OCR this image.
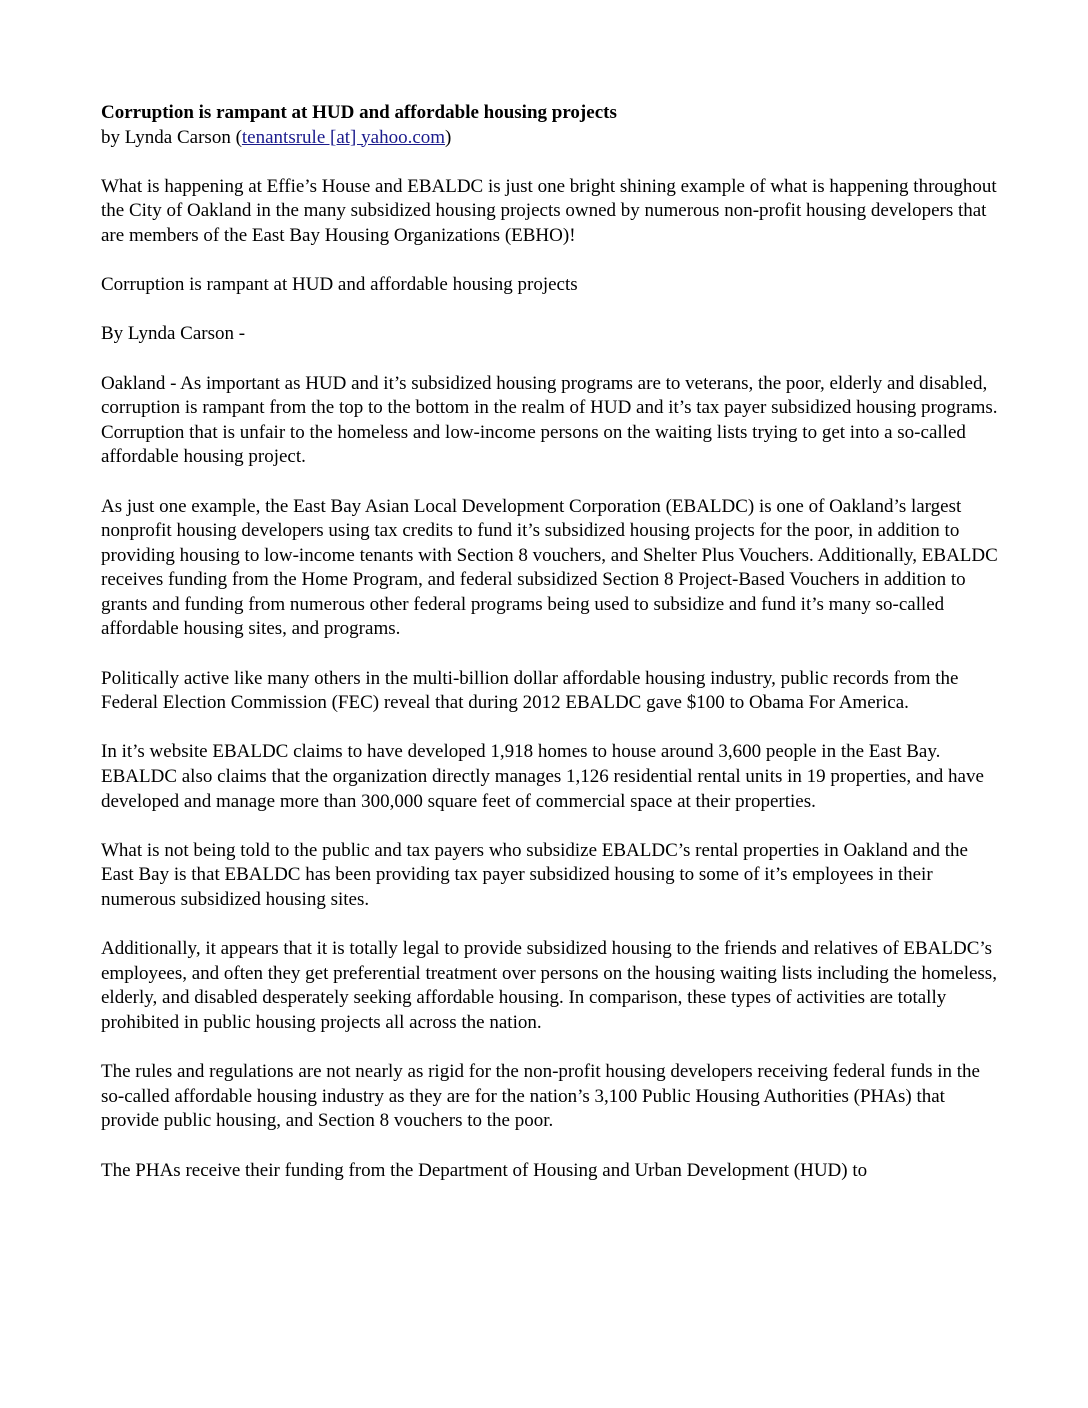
Corruption is rampant at HUD and affordable housing projects
by Lynda Carson (tenantsrule [at] yahoo.com)

What is happening at Effie’s House and EBALDC is just one bright shining example of what is happening throughout the City of Oakland in the many subsidized housing projects owned by numerous non-profit housing developers that are members of the East Bay Housing Organizations (EBHO)!

Corruption is rampant at HUD and affordable housing projects

By Lynda Carson -

Oakland - As important as HUD and it’s subsidized housing programs are to veterans, the poor, elderly and disabled, corruption is rampant from the top to the bottom in the realm of HUD and it’s tax payer subsidized housing programs. Corruption that is unfair to the homeless and low-income persons on the waiting lists trying to get into a so-called affordable housing project.

As just one example, the East Bay Asian Local Development Corporation (EBALDC) is one of Oakland’s largest nonprofit housing developers using tax credits to fund it’s subsidized housing projects for the poor, in addition to providing housing to low-income tenants with Section 8 vouchers, and Shelter Plus Vouchers. Additionally, EBALDC receives funding from the Home Program, and federal subsidized Section 8 Project-Based Vouchers in addition to grants and funding from numerous other federal programs being used to subsidize and fund it’s many so-called affordable housing sites, and programs.

Politically active like many others in the multi-billion dollar affordable housing industry, public records from the Federal Election Commission (FEC) reveal that during 2012 EBALDC gave $100 to Obama For America.

In it’s website EBALDC claims to have developed 1,918 homes to house around 3,600 people in the East Bay. EBALDC also claims that the organization directly manages 1,126 residential rental units in 19 properties, and have developed and manage more than 300,000 square feet of commercial space at their properties.

What is not being told to the public and tax payers who subsidize EBALDC’s rental properties in Oakland and the East Bay is that EBALDC has been providing tax payer subsidized housing to some of it’s employees in their numerous subsidized housing sites.

Additionally, it appears that it is totally legal to provide subsidized housing to the friends and relatives of EBALDC’s employees, and often they get preferential treatment over persons on the housing waiting lists including the homeless, elderly, and disabled desperately seeking affordable housing. In comparison, these types of activities are totally prohibited in public housing projects all across the nation.

The rules and regulations are not nearly as rigid for the non-profit housing developers receiving federal funds in the so-called affordable housing industry as they are for the nation’s 3,100 Public Housing Authorities (PHAs) that provide public housing, and Section 8 vouchers to the poor.

The PHAs receive their funding from the Department of Housing and Urban Development (HUD) to
